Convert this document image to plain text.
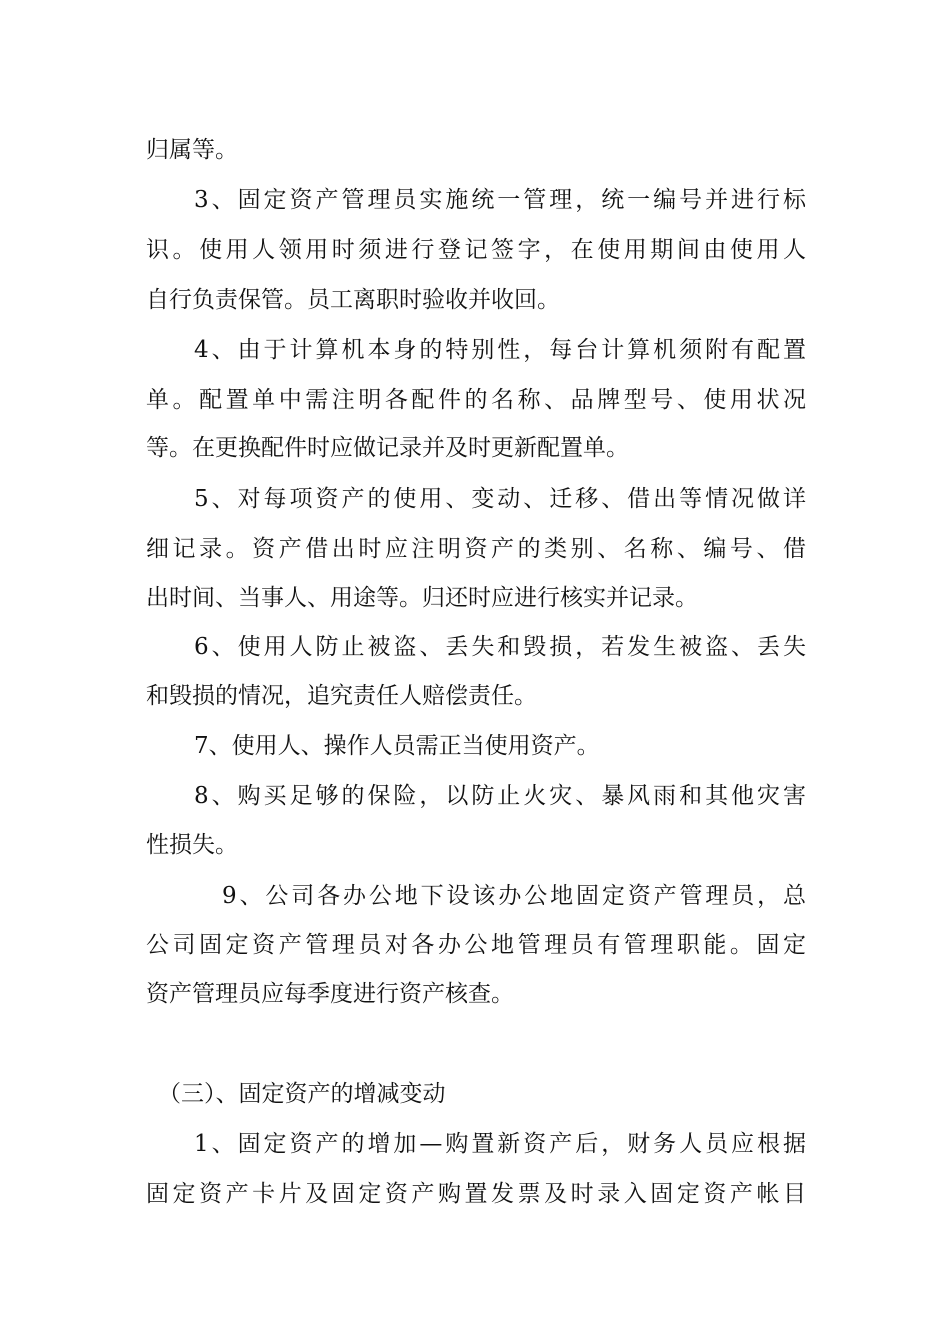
归属等。
3、固定资产管理员实施统一管理，统一编号并进行标
识。使用人领用时须进行登记签字，在使用期间由使用人
自行负责保管。员工离职时验收并收回。
4、由于计算机本身的特别性，每台计算机须附有配置
单。配置单中需注明各配件的名称、品牌型号、使用状况
等。在更换配件时应做记录并及时更新配置单。
5、对每项资产的使用、变动、迁移、借出等情况做详
细记录。资产借出时应注明资产的类别、名称、编号、借
出时间、当事人、用途等。归还时应进行核实并记录。
6、使用人防止被盗、丢失和毁损，若发生被盗、丢失
和毁损的情况，追究责任人赔偿责任。
7、使用人、操作人员需正当使用资产。
8、购买足够的保险，以防止火灾、暴风雨和其他灾害
性损失。
9、公司各办公地下设该办公地固定资产管理员，总
公司固定资产管理员对各办公地管理员有管理职能。固定
资产管理员应每季度进行资产核查。
（三）、固定资产的增减变动
1、固定资产的增加—购置新资产后，财务人员应根据
固定资产卡片及固定资产购置发票及时录入固定资产帐目
